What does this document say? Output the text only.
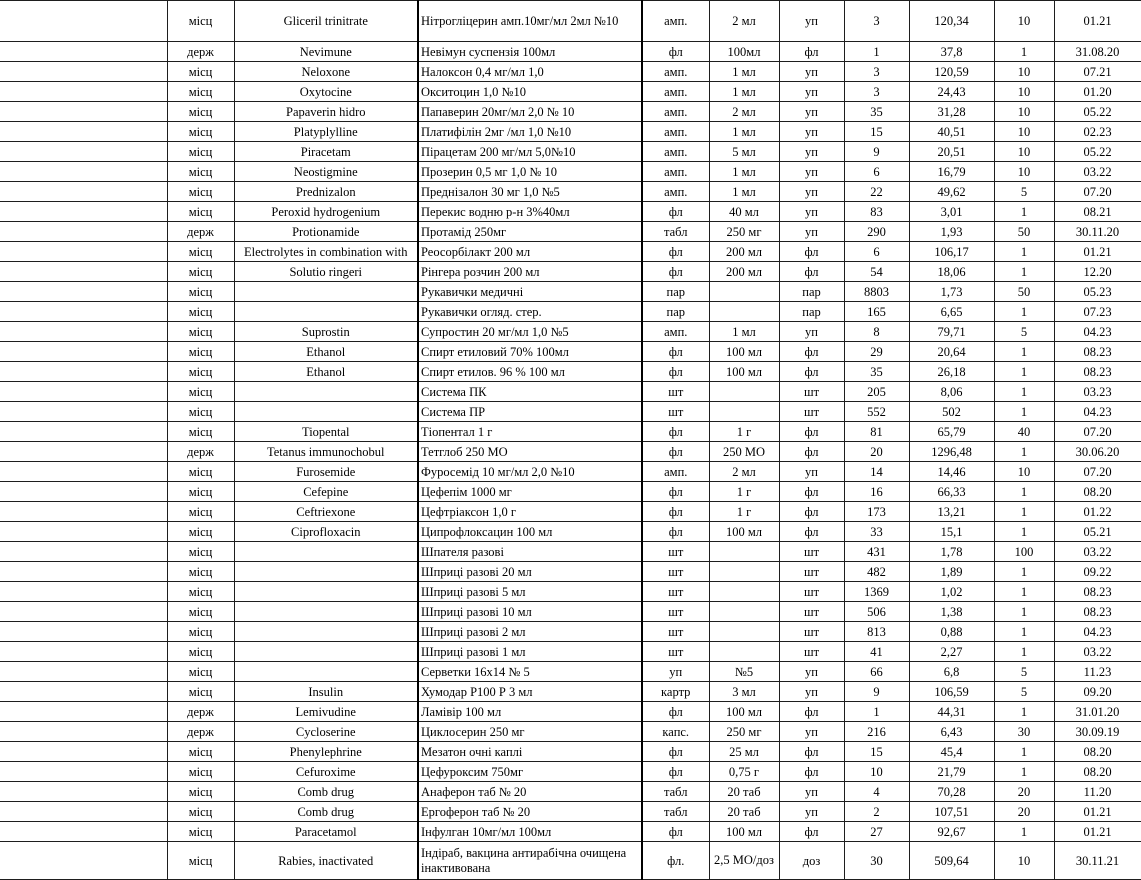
	місц	Gliceril trinitrate	Нітрогліцерин амп.10мг/мл 2мл №10	амп.	2 мл	уп	3	120,34	10	01.21
	держ	Nevimune	Невімун суспензія 100мл	фл	100мл	фл	1	37,8	1	31.08.20
	місц	Neloxone	Налоксон 0,4 мг/мл 1,0	амп.	1 мл	уп	3	120,59	10	07.21
	місц	Oxytocine	Окситоцин 1,0 №10	амп.	1 мл	уп	3	24,43	10	01.20
	місц	Papaverin hidro	Папаверин 20мг/мл 2,0 № 10	амп.	2 мл	уп	35	31,28	10	05.22
	місц	Platyplylline	Платифілін 2мг /мл 1,0 №10	амп.	1 мл	уп	15	40,51	10	02.23
	місц	Piracetam	Пірацетам 200 мг/мл 5,0№10	амп.	5 мл	уп	9	20,51	10	05.22
	місц	Neostigmine	Прозерин 0,5 мг 1,0 № 10	амп.	1 мл	уп	6	16,79	10	03.22
	місц	Prednizalon	Преднізалон 30 мг 1,0 №5	амп.	1 мл	уп	22	49,62	5	07.20
	місц	Peroxid hydrogenium	Перекис водню р-н 3%40мл	фл	40 мл	уп	83	3,01	1	08.21
	держ	Protionamide	Протамід 250мг	табл	250 мг	уп	290	1,93	50	30.11.20
	місц	Electrolytes in combination with	Реосорбілакт 200 мл	фл	200 мл	фл	6	106,17	1	01.21
	місц	Solutio ringeri	Рінгера розчин 200 мл	фл	200 мл	фл	54	18,06	1	12.20
	місц		Рукавички медичні	пар		пар	8803	1,73	50	05.23
	місц		Рукавички огляд. стер.	пар		пар	165	6,65	1	07.23
	місц	Suprostin	Супростин 20 мг/мл 1,0 №5	амп.	1 мл	уп	8	79,71	5	04.23
	місц	Ethanol	Спирт етиловий 70% 100мл	фл	100 мл	фл	29	20,64	1	08.23
	місц	Ethanol	Спирт етилов. 96 % 100 мл	фл	100 мл	фл	35	26,18	1	08.23
	місц		Система ПК	шт		шт	205	8,06	1	03.23
	місц		Система ПР	шт		шт	552	502	1	04.23
	місц	Tiopental	Тіопентал 1 г	фл	1 г	фл	81	65,79	40	07.20
	держ	Tetanus immunochobul	Тетглоб 250 МО	фл	250 МО	фл	20	1296,48	1	30.06.20
	місц	Furosemide	Фуросемід 10 мг/мл 2,0 №10	амп.	2 мл	уп	14	14,46	10	07.20
	місц	Cefepine	Цефепім 1000 мг	фл	1 г	фл	16	66,33	1	08.20
	місц	Ceftriexone	Цефтріаксон 1,0 г	фл	1 г	фл	173	13,21	1	01.22
	місц	Ciprofloxacin	Ципрофлоксацин 100 мл	фл	100 мл	фл	33	15,1	1	05.21
	місц		Шпателя разові	шт		шт	431	1,78	100	03.22
	місц		Шприці разові 20 мл	шт		шт	482	1,89	1	09.22
	місц		Шприці разові 5 мл	шт		шт	1369	1,02	1	08.23
	місц		Шприці разові 10 мл	шт		шт	506	1,38	1	08.23
	місц		Шприці разові 2 мл	шт		шт	813	0,88	1	04.23
	місц		Шприці разові 1 мл	шт		шт	41	2,27	1	03.22
	місц		Серветки 16х14 № 5	уп	№5	уп	66	6,8	5	11.23
	місц	Insulin	Хумодар Р100 Р 3 мл	картр	3 мл	уп	9	106,59	5	09.20
	держ	Lemivudine	Ламівір 100 мл	фл	100 мл	фл	1	44,31	1	31.01.20
	держ	Cycloserine	Циклосерин 250 мг	капс.	250 мг	уп	216	6,43	30	30.09.19
	місц	Phenylephrine	Мезатон очні каплі	фл	25 мл	фл	15	45,4	1	08.20
	місц	Cefuroxime	Цефуроксим 750мг	фл	0,75 г	фл	10	21,79	1	08.20
	місц	Comb drug	Анаферон таб № 20	табл	20 таб	уп	4	70,28	20	11.20
	місц	Comb drug	Ергоферон таб № 20	табл	20 таб	уп	2	107,51	20	01.21
	місц	Paracetamol	Інфулган 10мг/мл 100мл	фл	100 мл	фл	27	92,67	1	01.21
	місц	Rabies, inactivated	Індіраб, вакцина антирабічна очищена інактивована	фл.	2,5 МО/доз	доз	30	509,64	10	30.11.21
